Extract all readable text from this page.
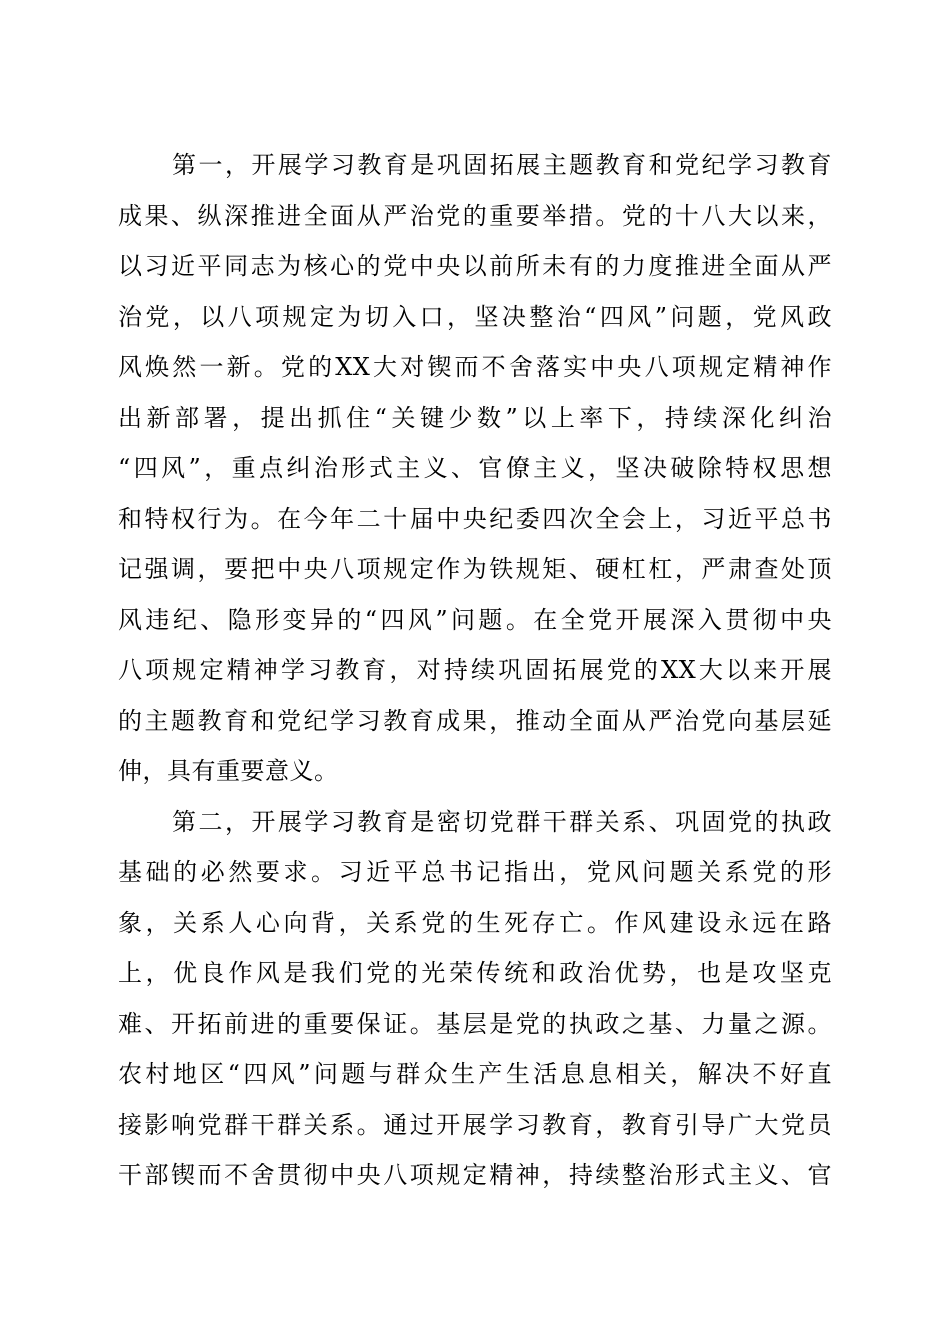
第一，开展学习教育是巩固拓展主题教育和党纪学习教育
成果、纵深推进全面从严治党的重要举措。党的十八大以来，
以习近平同志为核心的党中央以前所未有的力度推进全面从严
治党，以八项规定为切入口，坚决整治“四风”问题，党风政
风焕然一新。党的XX大对锲而不舍落实中央八项规定精神作
出新部署，提出抓住“关键少数”以上率下，持续深化纠治
“四风”，重点纠治形式主义、官僚主义，坚决破除特权思想
和特权行为。在今年二十届中央纪委四次全会上，习近平总书
记强调，要把中央八项规定作为铁规矩、硬杠杠，严肃查处顶
风违纪、隐形变异的“四风”问题。在全党开展深入贯彻中央
八项规定精神学习教育，对持续巩固拓展党的XX大以来开展
的主题教育和党纪学习教育成果，推动全面从严治党向基层延
伸，具有重要意义。
第二，开展学习教育是密切党群干群关系、巩固党的执政
基础的必然要求。习近平总书记指出，党风问题关系党的形
象，关系人心向背，关系党的生死存亡。作风建设永远在路
上，优良作风是我们党的光荣传统和政治优势，也是攻坚克
难、开拓前进的重要保证。基层是党的执政之基、力量之源。
农村地区“四风”问题与群众生产生活息息相关，解决不好直
接影响党群干群关系。通过开展学习教育，教育引导广大党员
干部锲而不舍贯彻中央八项规定精神，持续整治形式主义、官
